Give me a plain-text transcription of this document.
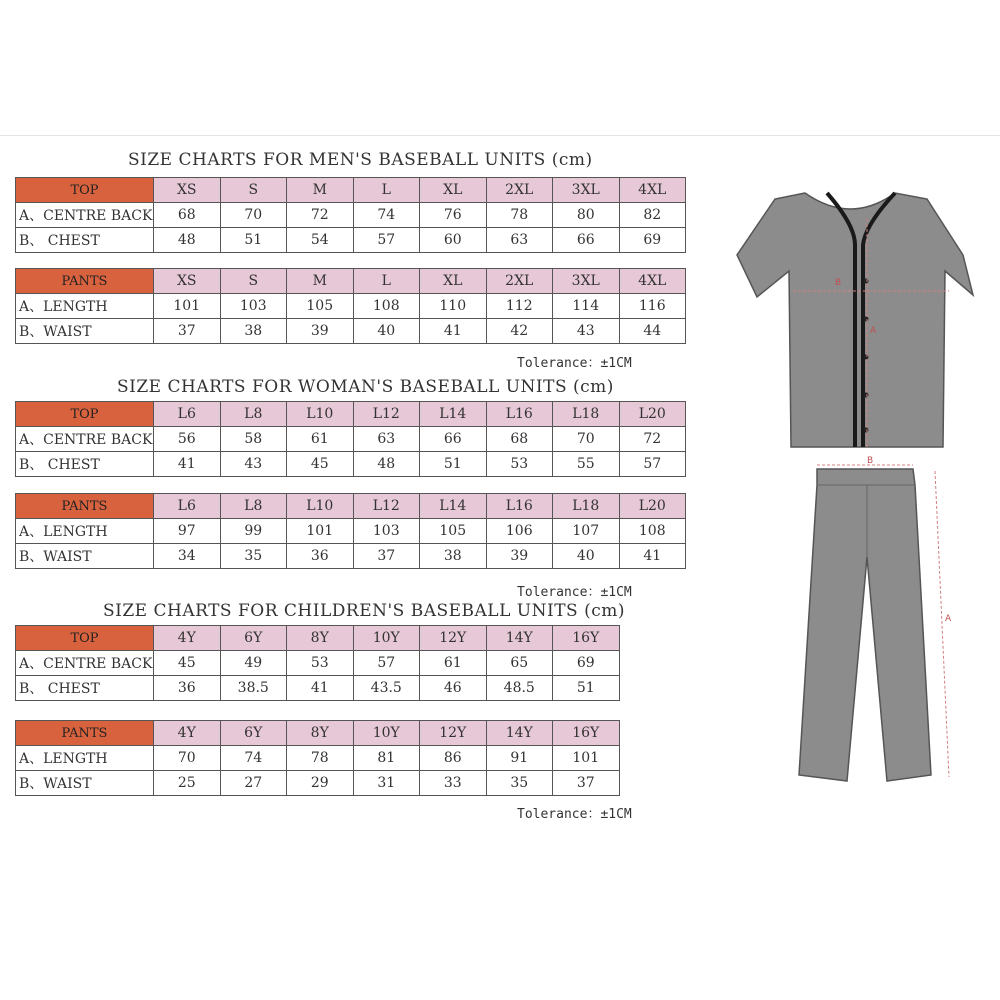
SIZE CHARTS FOR MEN'S BASEBALL UNITS (cm)
TOP	XS	S	M	L	XL	2XL	3XL	4XL
A、CENTRE BACK	68	70	72	74	76	78	80	82
B、 CHEST	48	51	54	57	60	63	66	69
PANTS	XS	S	M	L	XL	2XL	3XL	4XL
A、LENGTH	101	103	105	108	110	112	114	116
B、WAIST	37	38	39	40	41	42	43	44
Tolerance：±1CM
SIZE CHARTS FOR WOMAN'S BASEBALL UNITS (cm)
TOP	L6	L8	L10	L12	L14	L16	L18	L20
A、CENTRE BACK	56	58	61	63	66	68	70	72
B、 CHEST	41	43	45	48	51	53	55	57
PANTS	L6	L8	L10	L12	L14	L16	L18	L20
A、LENGTH	97	99	101	103	105	106	107	108
B、WAIST	34	35	36	37	38	39	40	41
Tolerance：±1CM
SIZE CHARTS FOR CHILDREN'S BASEBALL UNITS (cm)
TOP	4Y	6Y	8Y	10Y	12Y	14Y	16Y
A、CENTRE BACK	45	49	53	57	61	65	69
B、 CHEST	36	38.5	41	43.5	46	48.5	51
PANTS	4Y	6Y	8Y	10Y	12Y	14Y	16Y
A、LENGTH	70	74	78	81	86	91	101
B、WAIST	25	27	29	31	33	35	37
Tolerance：±1CM
B
A
B
A
